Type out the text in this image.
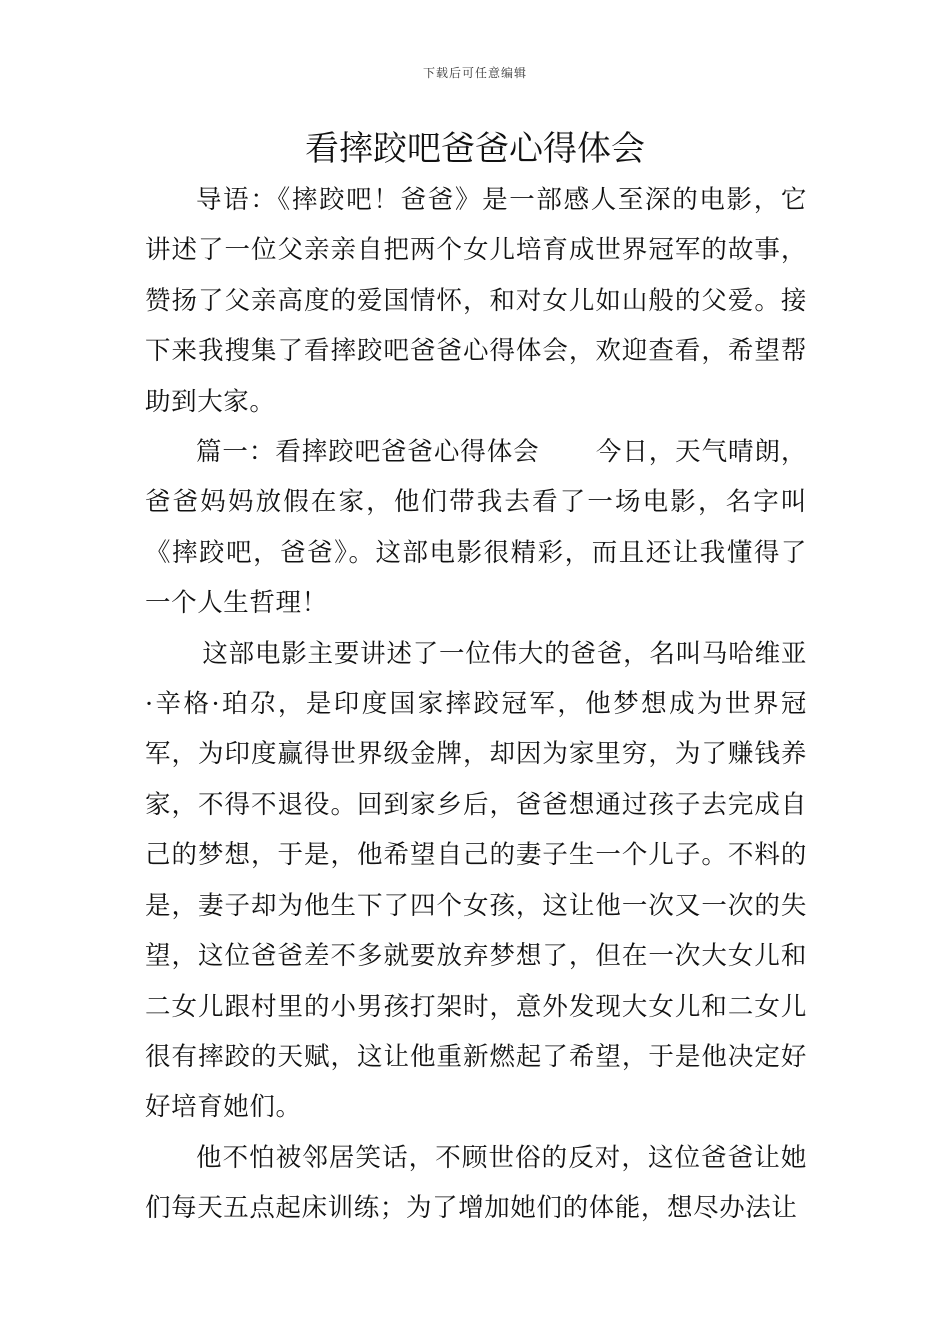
下载后可任意编辑
看摔跤吧爸爸心得体会

导语：《摔跤吧！爸爸》是一部感人至深的电影，它讲述了一位父亲亲自把两个女儿培育成世界冠军的故事，赞扬了父亲高度的爱国情怀，和对女儿如山般的父爱。接下来我搜集了看摔跤吧爸爸心得体会，欢迎查看，希望帮助到大家。

篇一：看摔跤吧爸爸心得体会 今日，天气晴朗，爸爸妈妈放假在家，他们带我去看了一场电影，名字叫《摔跤吧，爸爸》。这部电影很精彩，而且还让我懂得了一个人生哲理！

这部电影主要讲述了一位伟大的爸爸，名叫马哈维亚·辛格·珀尕，是印度国家摔跤冠军，他梦想成为世界冠军，为印度赢得世界级金牌，却因为家里穷，为了赚钱养家，不得不退役。回到家乡后，爸爸想通过孩子去完成自己的梦想，于是，他希望自己的妻子生一个儿子。不料的是，妻子却为他生下了四个女孩，这让他一次又一次的失望，这位爸爸差不多就要放弃梦想了，但在一次大女儿和二女儿跟村里的小男孩打架时，意外发现大女儿和二女儿很有摔跤的天赋，这让他重新燃起了希望，于是他决定好好培育她们。

他不怕被邻居笑话，不顾世俗的反对，这位爸爸让她们每天五点起床训练；为了增加她们的体能，想尽办法让
